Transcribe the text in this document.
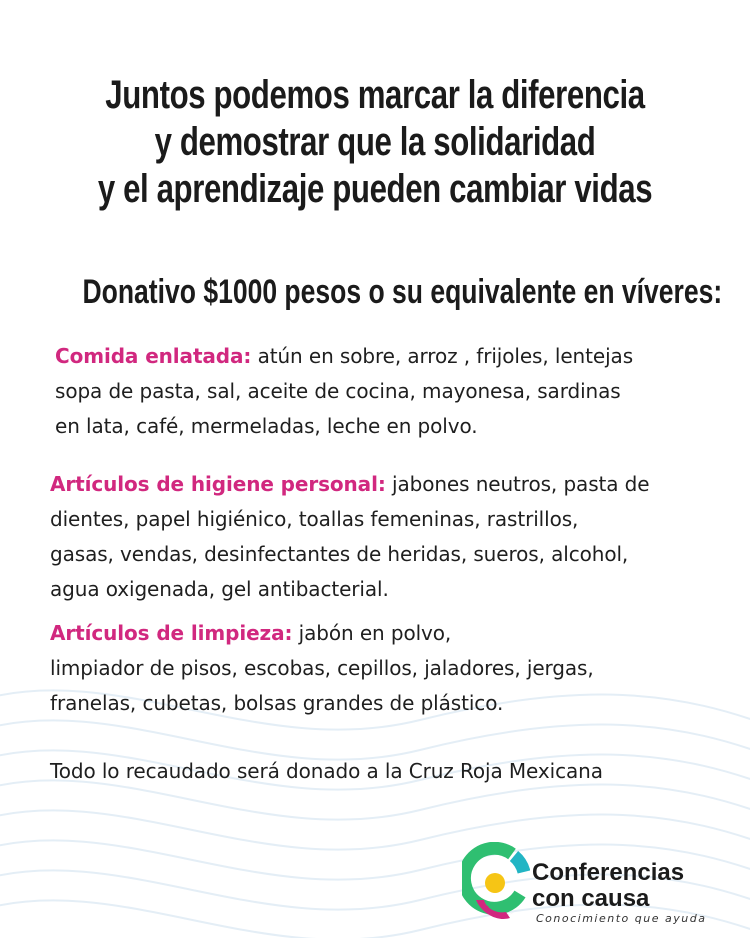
Juntos podemos marcar la diferencia
y demostrar que la solidaridad
y el aprendizaje pueden cambiar vidas
Donativo $1000 pesos o su equivalente en víveres:
Comida enlatada: atún en sobre, arroz , frijoles, lentejas
sopa de pasta, sal, aceite de cocina, mayonesa, sardinas
en lata, café, mermeladas, leche en polvo.
Artículos de higiene personal: jabones neutros, pasta de
dientes, papel higiénico, toallas femeninas, rastrillos,
gasas, vendas, desinfectantes de heridas, sueros, alcohol,
agua oxigenada, gel antibacterial.
Artículos de limpieza: jabón en polvo,
limpiador de pisos, escobas, cepillos, jaladores, jergas,
franelas, cubetas, bolsas grandes de plástico.
Todo lo recaudado será donado a la Cruz Roja Mexicana
Conferencias
con causa
Conocimiento que ayuda
